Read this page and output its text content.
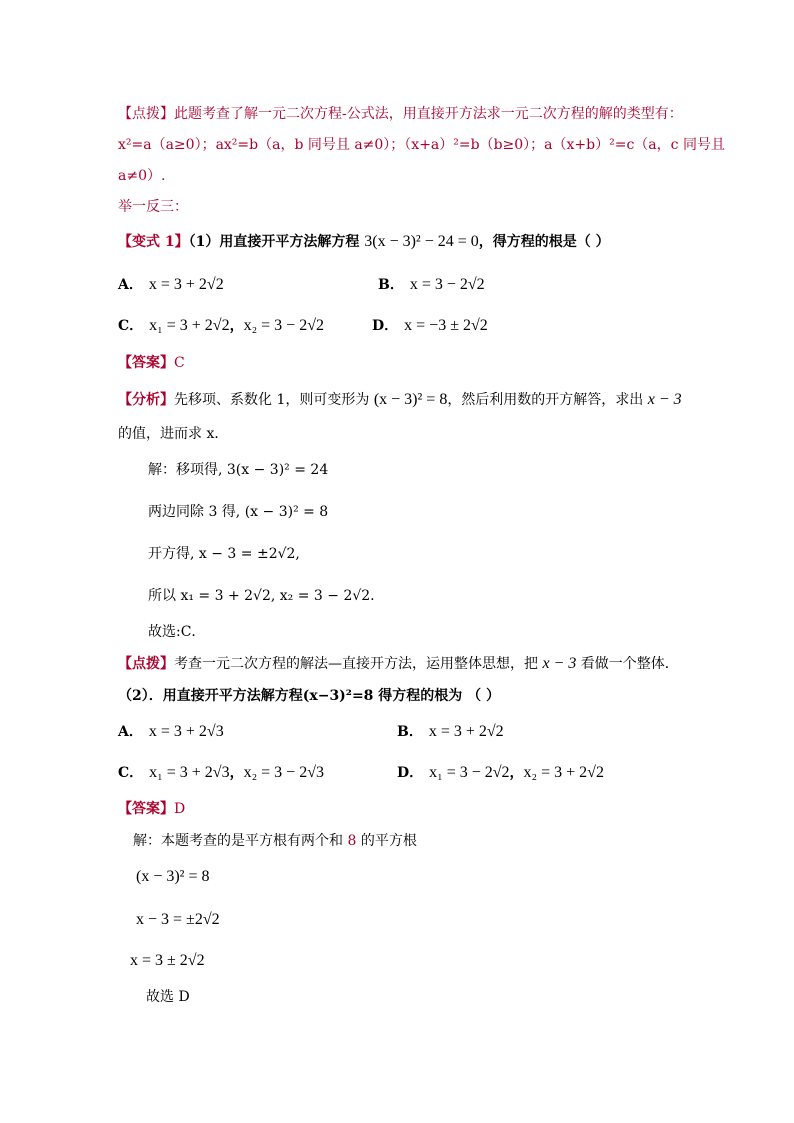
【点拨】此题考查了解一元二次方程-公式法，用直接开方法求一元二次方程的解的类型有：
x²=a（a≥0）；ax²=b（a，b 同号且 a≠0）；（x+a）²=b（b≥0）；a（x+b）²=c（a，c 同号且
a≠0）.
举一反三：
【变式 1】（1）用直接开平方法解方程 3(x − 3)² − 24 = 0，得方程的根是（ ）
A． x = 3 + 2√2	B． x = 3 − 2√2
C． x₁ = 3 + 2√2，x₂ = 3 − 2√2	D． x = −3 ± 2√2
【答案】C
【分析】先移项、系数化 1，则可变形为 (x − 3)² = 8，然后利用数的开方解答，求出 x − 3
的值，进而求 x．
解：移项得, 3(x − 3)² = 24
两边同除 3 得, (x − 3)² = 8
开方得, x − 3 = ±2√2,
所以 x₁ = 3 + 2√2, x₂ = 3 − 2√2.
故选:C．
【点拨】考查一元二次方程的解法—直接开方法，运用整体思想，把 x − 3 看做一个整体．
（2）．用直接开平方法解方程(x−3)²=8 得方程的根为 （ ）
A． x = 3 + 2√3	B． x = 3 + 2√2
C． x₁ = 3 + 2√3，x₂ = 3 − 2√3	D． x₁ = 3 − 2√2，x₂ = 3 + 2√2
【答案】D
解：本题考查的是平方根有两个和 8 的平方根
(x − 3)² = 8
x − 3 = ±2√2
x = 3 ± 2√2
故选 D
